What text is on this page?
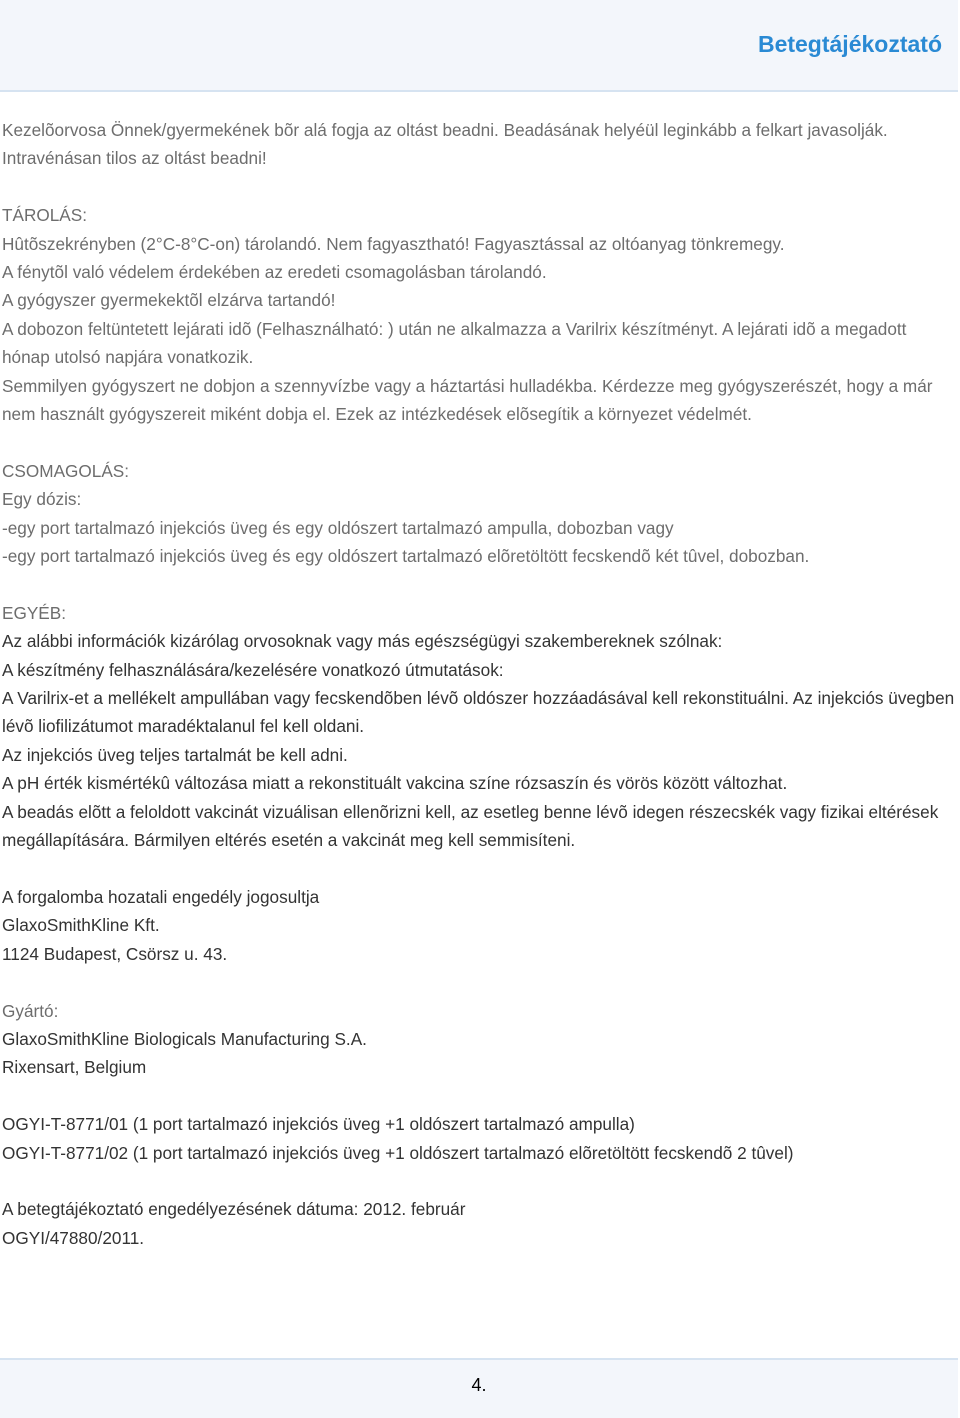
Betegtájékoztató

Kezelõorvosa Önnek/gyermekének bõr alá fogja az oltást beadni. Beadásának helyéül leginkább a felkart javasolják.

Intravénásan tilos az oltást beadni!

TÁROLÁS:

Hûtõszekrényben (2°C-8°C-on) tárolandó. Nem fagyasztható! Fagyasztással az oltóanyag tönkremegy.

A fénytõl való védelem érdekében az eredeti csomagolásban tárolandó.

A gyógyszer gyermekektõl elzárva tartandó!

A dobozon feltüntetett lejárati idõ (Felhasználható: ) után ne alkalmazza a Varilrix készítményt. A lejárati idõ a megadott hónap utolsó napjára vonatkozik.

Semmilyen gyógyszert ne dobjon a szennyvízbe vagy a háztartási hulladékba. Kérdezze meg gyógyszerészét, hogy a már nem használt gyógyszereit miként dobja el. Ezek az intézkedések elõsegítik a környezet védelmét.

CSOMAGOLÁS:

Egy dózis:

-egy port tartalmazó injekciós üveg és egy oldószert tartalmazó ampulla, dobozban vagy

-egy port tartalmazó injekciós üveg és egy oldószert tartalmazó elõretöltött fecskendõ két tûvel, dobozban.

EGYÉB:

Az alábbi információk kizárólag orvosoknak vagy más egészségügyi szakembereknek szólnak:

A készítmény felhasználására/kezelésére vonatkozó útmutatások:

A Varilrix-et a mellékelt ampullában vagy fecskendõben lévõ oldószer hozzáadásával kell rekonstituálni. Az injekciós üvegben lévõ liofilizátumot maradéktalanul fel kell oldani.

Az injekciós üveg teljes tartalmát be kell adni.

A pH érték kismértékû változása miatt a rekonstituált vakcina színe rózsaszín és vörös között változhat.

A beadás elõtt a feloldott vakcinát vizuálisan ellenõrizni kell, az esetleg benne lévõ idegen részecskék vagy fizikai eltérések megállapítására. Bármilyen eltérés esetén a vakcinát meg kell semmisíteni.

A forgalomba hozatali engedély jogosultja

GlaxoSmithKline Kft.

1124 Budapest, Csörsz u. 43.

Gyártó:

GlaxoSmithKline Biologicals Manufacturing S.A.

Rixensart, Belgium

OGYI-T-8771/01 (1 port tartalmazó injekciós üveg +1 oldószert tartalmazó ampulla)

OGYI-T-8771/02 (1 port tartalmazó injekciós üveg +1 oldószert tartalmazó elõretöltött fecskendõ 2 tûvel)

A betegtájékoztató engedélyezésének dátuma: 2012. február

OGYI/47880/2011.

4.
